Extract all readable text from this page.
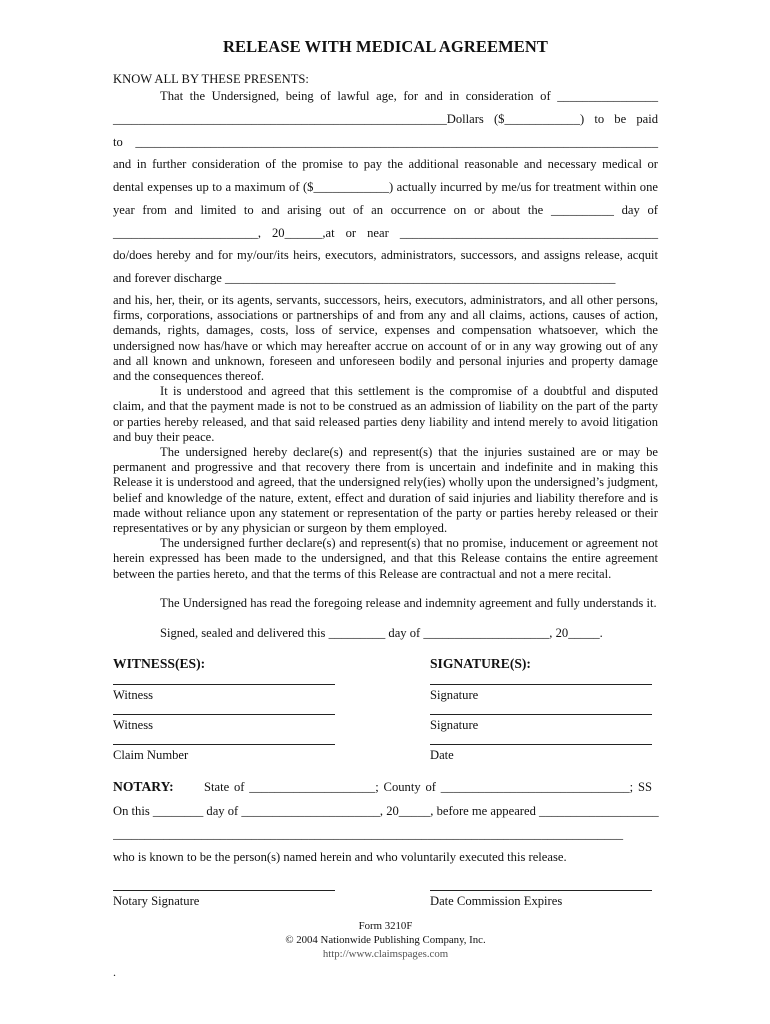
RELEASE WITH MEDICAL AGREEMENT
KNOW ALL BY THESE PRESENTS:
That the Undersigned, being of lawful age, for and in consideration of ________________
_____________________________________________________Dollars ($____________) to be paid
to ___________________________________________________________________________________
and in further consideration of the promise to pay the additional reasonable and necessary medical or
dental expenses up to a maximum of ($____________) actually incurred by me/us for treatment within one
year from and limited to and arising out of an occurrence on or about the __________ day of
_______________________, 20______,at or near _________________________________________
do/does hereby and for my/our/its heirs, executors, administrators, successors, and assigns release, acquit
and forever discharge ______________________________________________________________

and his, her, their, or its agents, servants, successors, heirs, executors, administrators, and all other persons, firms, corporations, associations or partnerships of and from any and all claims, actions, causes of action, demands, rights, damages, costs, loss of service, expenses and compensation whatsoever, which the undersigned now has/have or which may hereafter accrue on account of or in any way growing out of any and all known and unknown, foreseen and unforeseen bodily and personal injuries and property damage and the consequences thereof.

It is understood and agreed that this settlement is the compromise of a doubtful and disputed claim, and that the payment made is not to be construed as an admission of liability on the part of the party or parties hereby released, and that said released parties deny liability and intend merely to avoid litigation and buy their peace.

The undersigned hereby declare(s) and represent(s) that the injuries sustained are or may be permanent and progressive and that recovery there from is uncertain and indefinite and in making this Release it is understood and agreed, that the undersigned rely(ies) wholly upon the undersigned’s judgment, belief and knowledge of the nature, extent, effect and duration of said injuries and liability therefore and is made without reliance upon any statement or representation of the party or parties hereby released or their representatives or by any physician or surgeon by them employed.

The undersigned further declare(s) and represent(s) that no promise, inducement or agreement not herein expressed has been made to the undersigned, and that this Release contains the entire agreement between the parties hereto, and that the terms of this Release are contractual and not a mere recital.

The Undersigned has read the foregoing release and indemnity agreement and fully understands it.
Signed, sealed and delivered this _________ day of ____________________, 20_____.
WITNESS(ES):	SIGNATURE(S):
Witness	Signature
Witness	Signature
Claim Number	Date
NOTARY: State of ____________________; County of ______________________________; SS
On this ________ day of ______________________, 20_____, before me appeared ___________________
_________________________________________________________________________________
who is known to be the person(s) named herein and who voluntarily executed this release.
Notary Signature	Date Commission Expires
Form 3210F
© 2004 Nationwide Publishing Company, Inc.
http://www.claimspages.com
.
